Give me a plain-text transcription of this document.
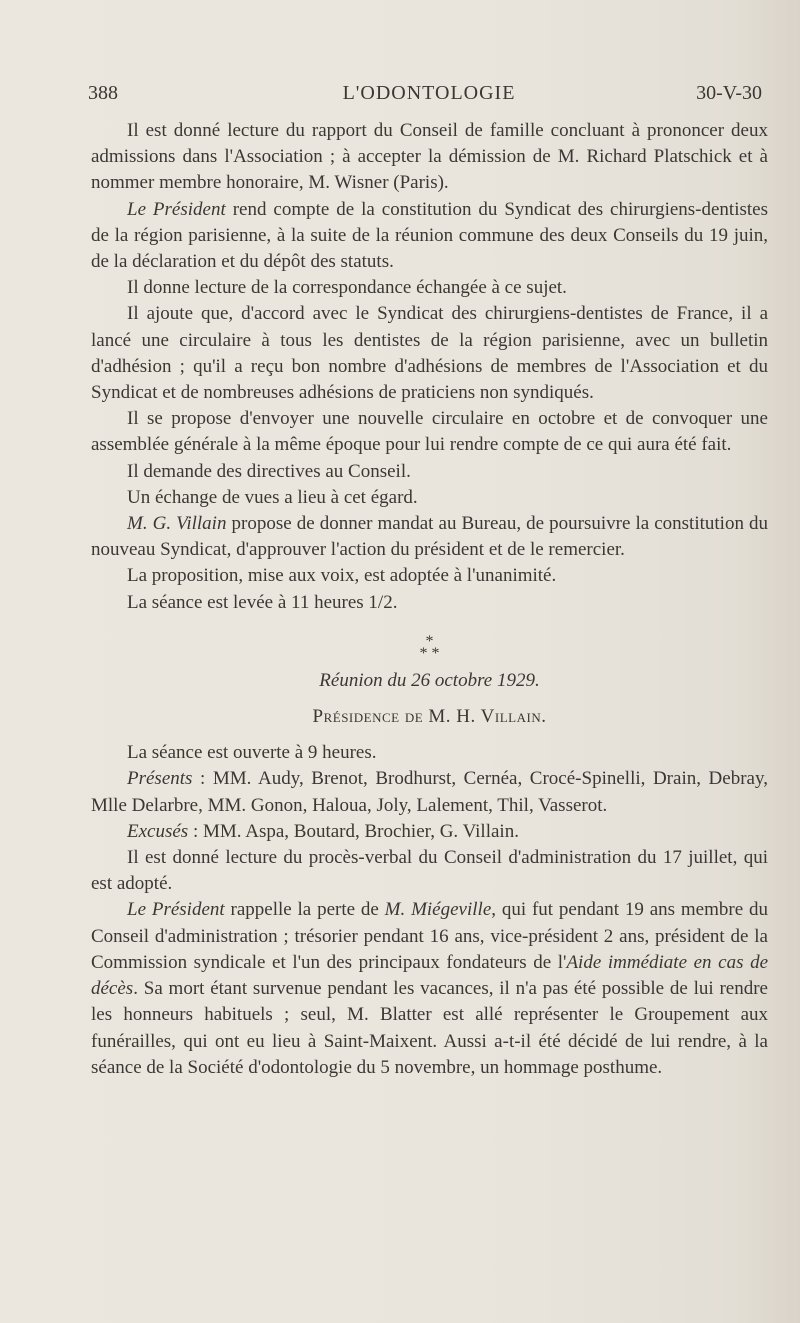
388	L'ODONTOLOGIE	30-V-30

Il est donné lecture du rapport du Conseil de famille concluant à prononcer deux admissions dans l'Association ; à accepter la démission de M. Richard Platschick et à nommer membre honoraire, M. Wisner (Paris).

Le Président rend compte de la constitution du Syndicat des chirurgiens-dentistes de la région parisienne, à la suite de la réunion commune des deux Conseils du 19 juin, de la déclaration et du dépôt des statuts.

Il donne lecture de la correspondance échangée à ce sujet.

Il ajoute que, d'accord avec le Syndicat des chirurgiens-dentistes de France, il a lancé une circulaire à tous les dentistes de la région parisienne, avec un bulletin d'adhésion ; qu'il a reçu bon nombre d'adhésions de membres de l'Association et du Syndicat et de nombreuses adhésions de praticiens non syndiqués.

Il se propose d'envoyer une nouvelle circulaire en octobre et de convoquer une assemblée générale à la même époque pour lui rendre compte de ce qui aura été fait.

Il demande des directives au Conseil.

Un échange de vues a lieu à cet égard.

M. G. Villain propose de donner mandat au Bureau, de poursuivre la constitution du nouveau Syndicat, d'approuver l'action du président et de le remercier.

La proposition, mise aux voix, est adoptée à l'unanimité.

La séance est levée à 11 heures 1/2.

*

* *

Réunion du 26 octobre 1929.

Présidence de M. H. Villain.

La séance est ouverte à 9 heures.

Présents : MM. Audy, Brenot, Brodhurst, Cernéa, Crocé-Spinelli, Drain, Debray, Mlle Delarbre, MM. Gonon, Haloua, Joly, Lalement, Thil, Vasserot.

Excusés : MM. Aspa, Boutard, Brochier, G. Villain.

Il est donné lecture du procès-verbal du Conseil d'administration du 17 juillet, qui est adopté.

Le Président rappelle la perte de M. Miégeville, qui fut pendant 19 ans membre du Conseil d'administration ; trésorier pendant 16 ans, vice-président 2 ans, président de la Commission syndicale et l'un des principaux fondateurs de l'Aide immédiate en cas de décès. Sa mort étant survenue pendant les vacances, il n'a pas été possible de lui rendre les honneurs habituels ; seul, M. Blatter est allé représenter le Groupement aux funérailles, qui ont eu lieu à Saint-Maixent. Aussi a-t-il été décidé de lui rendre, à la séance de la Société d'odontologie du 5 novembre, un hommage posthume.
